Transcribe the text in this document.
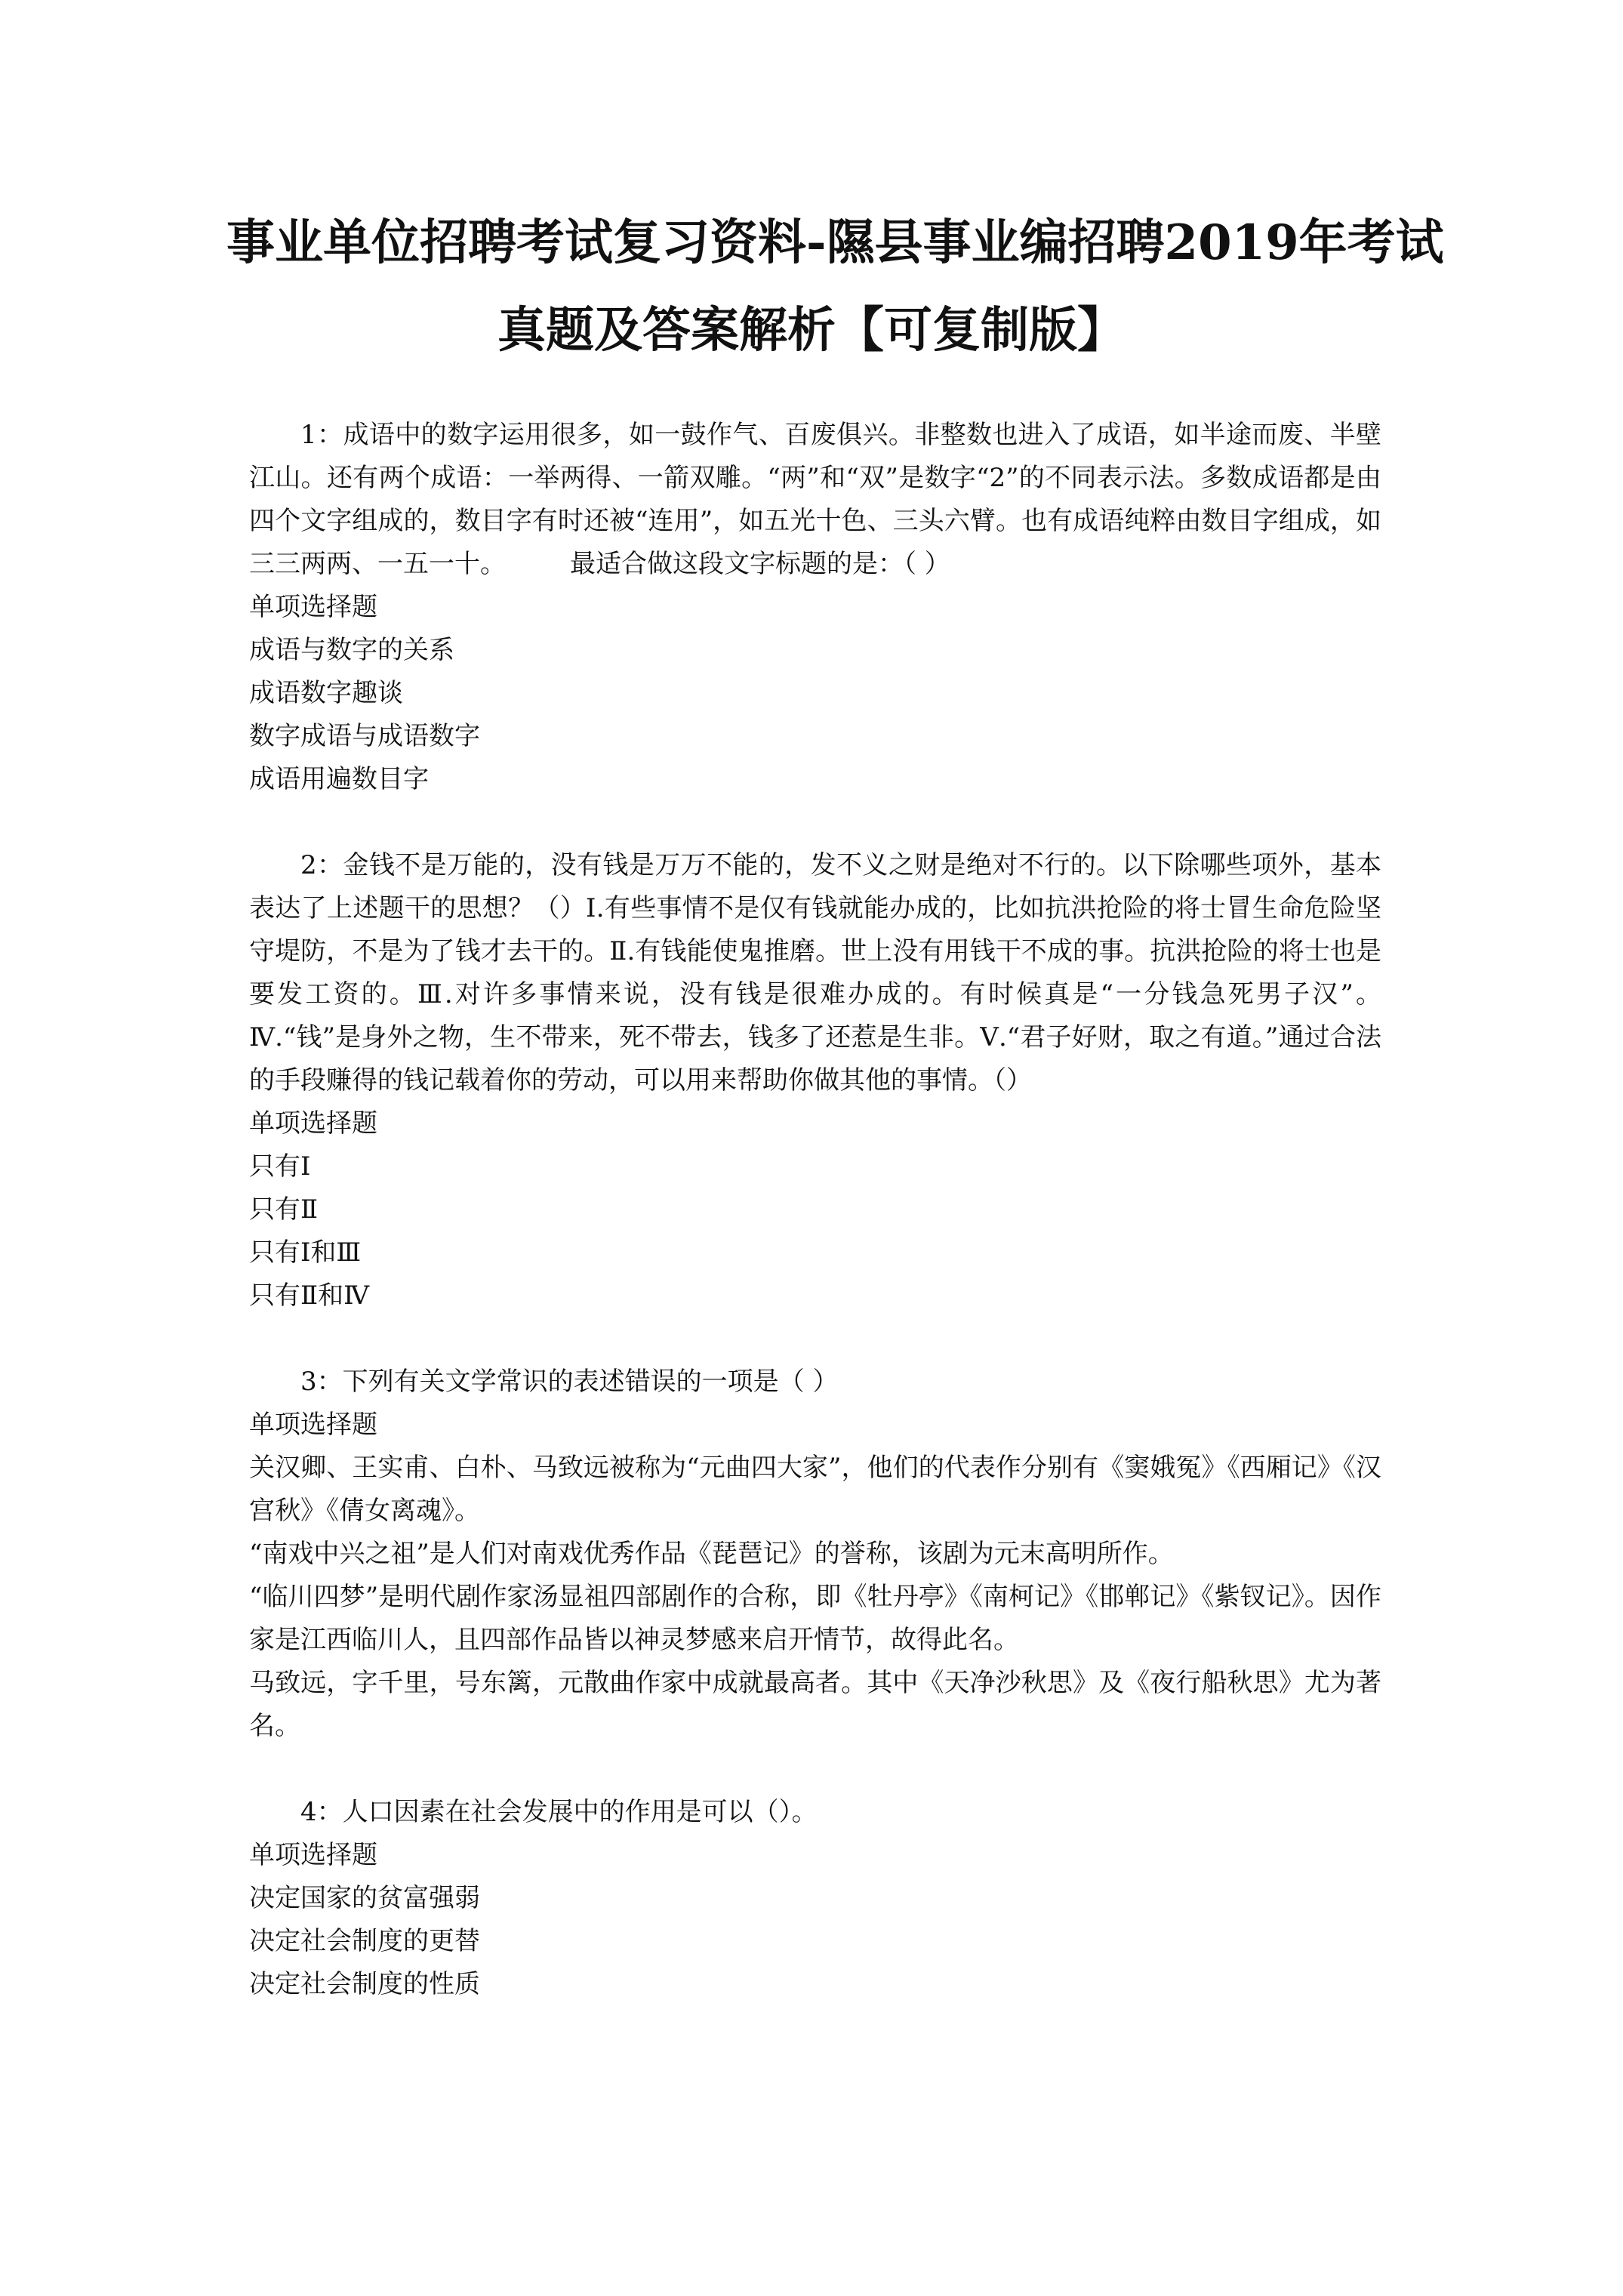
事业单位招聘考试复习资料-隰县事业编招聘2019年考试
真题及答案解析【可复制版】

1：成语中的数字运用很多，如一鼓作气、百废俱兴。非整数也进入了成语，如半途而废、半壁江山。还有两个成语：一举两得、一箭双雕。“两”和“双”是数字“2”的不同表示法。多数成语都是由四个文字组成的，数目字有时还被“连用”，如五光十色、三头六臂。也有成语纯粹由数目字组成，如三三两两、一五一十。　　　最适合做这段文字标题的是：（ ）

单项选择题

成语与数字的关系

成语数字趣谈

数字成语与成语数字

成语用遍数目字

2：金钱不是万能的，没有钱是万万不能的，发不义之财是绝对不行的。以下除哪些项外，基本表达了上述题干的思想？（）Ⅰ.有些事情不是仅有钱就能办成的，比如抗洪抢险的将士冒生命危险坚守堤防，不是为了钱才去干的。Ⅱ.有钱能使鬼推磨。世上没有用钱干不成的事。抗洪抢险的将士也是要发工资的。Ⅲ.对许多事情来说，没有钱是很难办成的。有时候真是“一分钱急死男子汉”。Ⅳ.“钱”是身外之物，生不带来，死不带去，钱多了还惹是生非。Ⅴ.“君子好财，取之有道。”通过合法的手段赚得的钱记载着你的劳动，可以用来帮助你做其他的事情。（）

单项选择题

只有Ⅰ

只有Ⅱ

只有Ⅰ和Ⅲ

只有Ⅱ和Ⅳ

3：下列有关文学常识的表述错误的一项是（ ）

单项选择题

关汉卿、王实甫、白朴、马致远被称为“元曲四大家”，他们的代表作分别有《窦娥冤》《西厢记》《汉宫秋》《倩女离魂》。

“南戏中兴之祖”是人们对南戏优秀作品《琵琶记》的誉称，该剧为元末高明所作。

“临川四梦”是明代剧作家汤显祖四部剧作的合称，即《牡丹亭》《南柯记》《邯郸记》《紫钗记》。因作家是江西临川人，且四部作品皆以神灵梦感来启开情节，故得此名。

马致远，字千里，号东篱，元散曲作家中成就最高者。其中《天净沙秋思》及《夜行船秋思》尤为著名。

4：人口因素在社会发展中的作用是可以（）。

单项选择题

决定国家的贫富强弱

决定社会制度的更替

决定社会制度的性质
